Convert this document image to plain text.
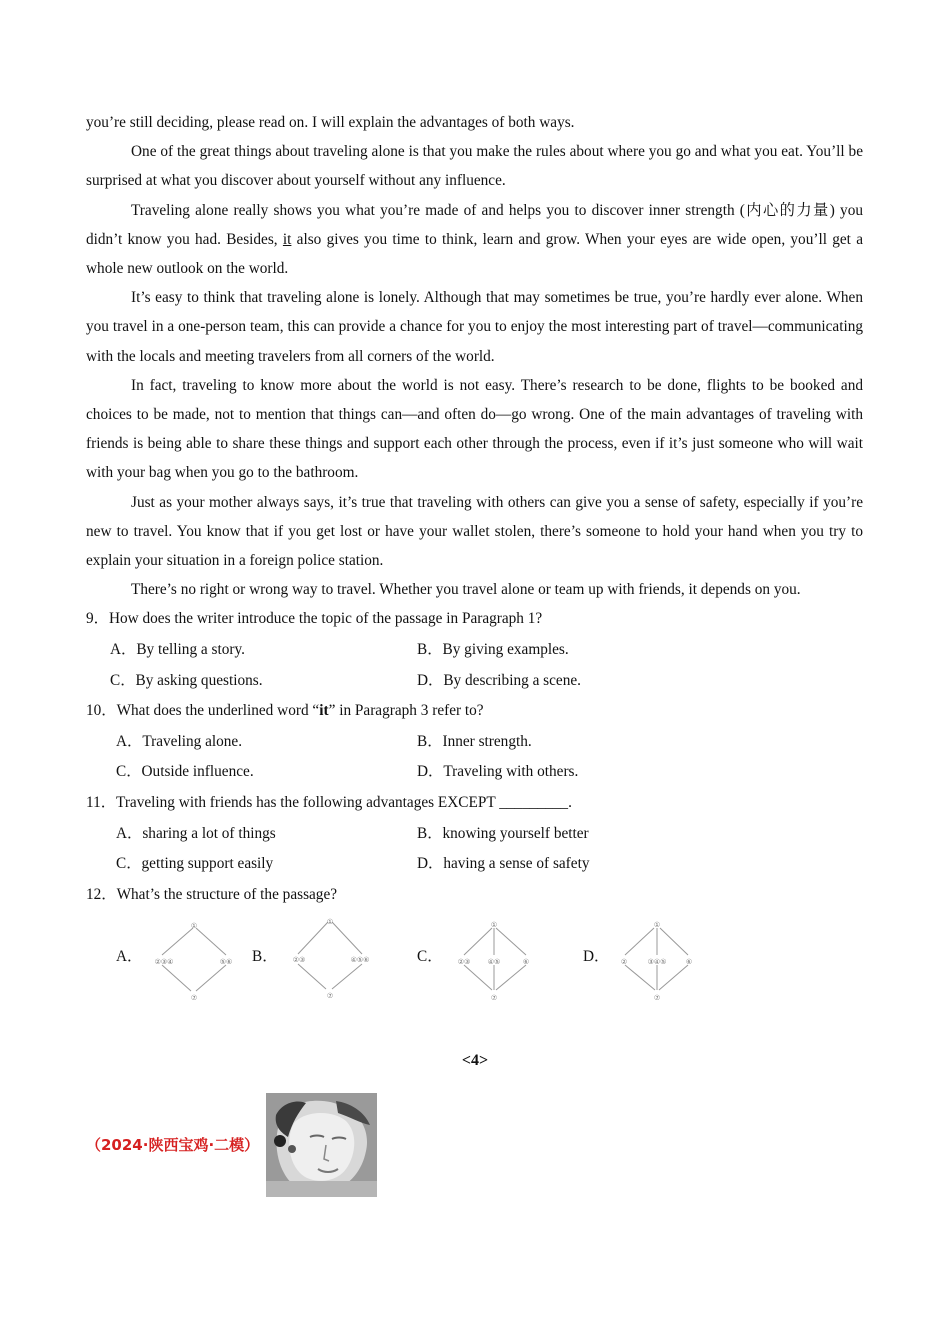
you’re still deciding, please read on. I will explain the advantages of both ways.

One of the great things about traveling alone is that you make the rules about where you go and what you eat. You’ll be surprised at what you discover about yourself without any influence.

Traveling alone really shows you what you’re made of and helps you to discover inner strength (内心的力量) you didn’t know you had. Besides, it also gives you time to think, learn and grow. When your eyes are wide open, you’ll get a whole new outlook on the world.

It’s easy to think that traveling alone is lonely. Although that may sometimes be true, you’re hardly ever alone. When you travel in a one-person team, this can provide a chance for you to enjoy the most interesting part of travel—communicating with the locals and meeting travelers from all corners of the world.

In fact, traveling to know more about the world is not easy. There’s research to be done, flights to be booked and choices to be made, not to mention that things can—and often do—go wrong. One of the main advantages of traveling with friends is being able to share these things and support each other through the process, even if it’s just someone who will wait with your bag when you go to the bathroom.

Just as your mother always says, it’s true that traveling with others can give you a sense of safety, especially if you’re new to travel. You know that if you get lost or have your wallet stolen, there’s someone to hold your hand when you try to explain your situation in a foreign police station.

There’s no right or wrong way to travel. Whether you travel alone or team up with friends, it depends on you.

9．How does the writer introduce the topic of the passage in Paragraph 1?
A．By telling a story.	B．By giving examples.
C．By asking questions.	D．By describing a scene.
10．What does the underlined word “it” in Paragraph 3 refer to?
A．Traveling alone.	B．Inner strength.
C．Outside influence.	D．Traveling with others.
11．Traveling with friends has the following advantages EXCEPT _________.
A．sharing a lot of things	B．knowing yourself better
C．getting support easily	D．having a sense of safety
12．What’s the structure of the passage?
A．
①
②③④	⑤⑥
⑦
B．
①
②③	④⑤⑥
⑦
C．
①
②③ ④⑤	⑥
⑦
D．
①
②	③④⑤	⑥
⑦
<4>
（2024·陕西宝鸡·二模）
